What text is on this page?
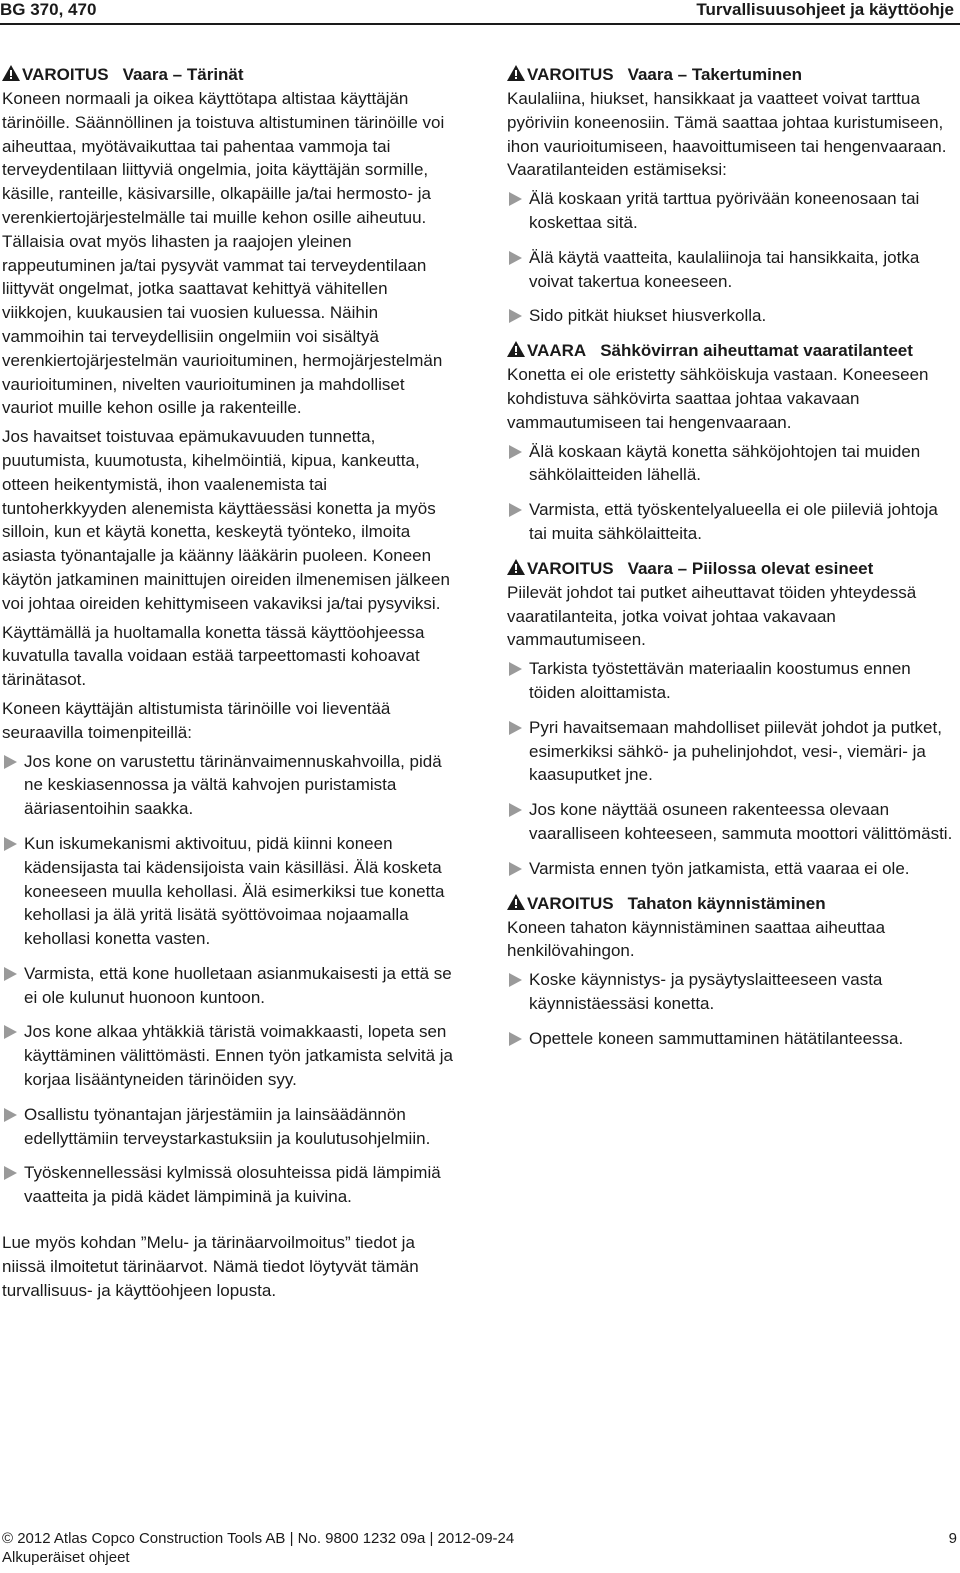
BG 370, 470	Turvallisuusohjeet ja käyttöohje
VAROITUS Vaara – Tärinät

Koneen normaali ja oikea käyttötapa altistaa käyttäjän tärinöille. Säännöllinen ja toistuva altistuminen tärinöille voi aiheuttaa, myötävaikuttaa tai pahentaa vammoja tai terveydentilaan liittyviä ongelmia, joita käyttäjän sormille, käsille, ranteille, käsivarsille, olkapäille ja/tai hermosto- ja verenkiertojärjestelmälle tai muille kehon osille aiheutuu. Tällaisia ovat myös lihasten ja raajojen yleinen rappeutuminen ja/tai pysyvät vammat tai terveydentilaan liittyvät ongelmat, jotka saattavat kehittyä vähitellen viikkojen, kuukausien tai vuosien kuluessa. Näihin vammoihin tai terveydellisiin ongelmiin voi sisältyä verenkiertojärjestelmän vaurioituminen, hermojärjestelmän vaurioituminen, nivelten vaurioituminen ja mahdolliset vauriot muille kehon osille ja rakenteille.

Jos havaitset toistuvaa epämukavuuden tunnetta, puutumista, kuumotusta, kihelmöintiä, kipua, kankeutta, otteen heikentymistä, ihon vaalenemista tai tuntoherkkyyden alenemista käyttäessäsi konetta ja myös silloin, kun et käytä konetta, keskeytä työnteko, ilmoita asiasta työnantajalle ja käänny lääkärin puoleen. Koneen käytön jatkaminen mainittujen oireiden ilmenemisen jälkeen voi johtaa oireiden kehittymiseen vakaviksi ja/tai pysyviksi.

Käyttämällä ja huoltamalla konetta tässä käyttöohjeessa kuvatulla tavalla voidaan estää tarpeettomasti kohoavat tärinätasot.

Koneen käyttäjän altistumista tärinöille voi lieventää seuraavilla toimenpiteillä:

Jos kone on varustettu tärinänvaimennuskahvoilla, pidä ne keskiasennossa ja vältä kahvojen puristamista ääriasentoihin saakka.
Kun iskumekanismi aktivoituu, pidä kiinni koneen kädensijasta tai kädensijoista vain käsilläsi. Älä kosketa koneeseen muulla kehollasi. Älä esimerkiksi tue konetta kehollasi ja älä yritä lisätä syöttövoimaa nojaamalla kehollasi konetta vasten.
Varmista, että kone huolletaan asianmukaisesti ja että se ei ole kulunut huonoon kuntoon.
Jos kone alkaa yhtäkkiä täristä voimakkaasti, lopeta sen käyttäminen välittömästi. Ennen työn jatkamista selvitä ja korjaa lisääntyneiden tärinöiden syy.
Osallistu työnantajan järjestämiin ja lainsäädännön edellyttämiin terveystarkastuksiin ja koulutusohjelmiin.
Työskennellessäsi kylmissä olosuhteissa pidä lämpimiä vaatteita ja pidä kädet lämpiminä ja kuivina.

Lue myös kohdan ”Melu- ja tärinäarvoilmoitus” tiedot ja niissä ilmoitetut tärinäarvot. Nämä tiedot löytyvät tämän turvallisuus- ja käyttöohjeen lopusta.

VAROITUS Vaara – Takertuminen

Kaulaliina, hiukset, hansikkaat ja vaatteet voivat tarttua pyöriviin koneenosiin. Tämä saattaa johtaa kuristumiseen, ihon vaurioitumiseen, haavoittumiseen tai hengenvaaraan. Vaaratilanteiden estämiseksi:

Älä koskaan yritä tarttua pyörivään koneenosaan tai koskettaa sitä.
Älä käytä vaatteita, kaulaliinoja tai hansikkaita, jotka voivat takertua koneeseen.
Sido pitkät hiukset hiusverkolla.
VAARA Sähkövirran aiheuttamat vaaratilanteet

Konetta ei ole eristetty sähköiskuja vastaan. Koneeseen kohdistuva sähkövirta saattaa johtaa vakavaan vammautumiseen tai hengenvaaraan.

Älä koskaan käytä konetta sähköjohtojen tai muiden sähkölaitteiden lähellä.
Varmista, että työskentelyalueella ei ole piileviä johtoja tai muita sähkölaitteita.
VAROITUS Vaara – Piilossa olevat esineet

Piilevät johdot tai putket aiheuttavat töiden yhteydessä vaaratilanteita, jotka voivat johtaa vakavaan vammautumiseen.

Tarkista työstettävän materiaalin koostumus ennen töiden aloittamista.
Pyri havaitsemaan mahdolliset piilevät johdot ja putket, esimerkiksi sähkö- ja puhelinjohdot, vesi-, viemäri- ja kaasuputket jne.
Jos kone näyttää osuneen rakenteessa olevaan vaaralliseen kohteeseen, sammuta moottori välittömästi.
Varmista ennen työn jatkamista, että vaaraa ei ole.
VAROITUS Tahaton käynnistäminen

Koneen tahaton käynnistäminen saattaa aiheuttaa henkilövahingon.

Koske käynnistys- ja pysäytyslaitteeseen vasta käynnistäessäsi konetta.
Opettele koneen sammuttaminen hätätilanteessa.
© 2012 Atlas Copco Construction Tools AB | No. 9800 1232 09a | 2012-09-24
Alkuperäiset ohjeet
9
